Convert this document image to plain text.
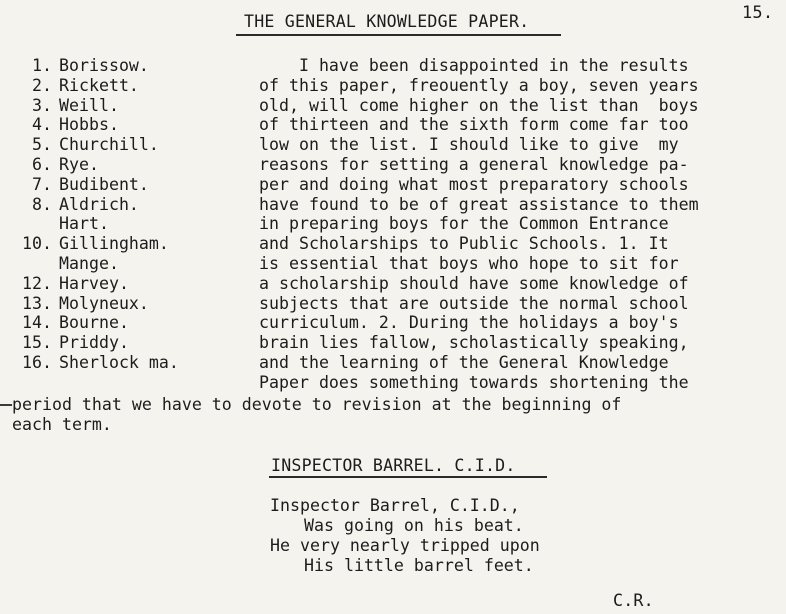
15.
THE GENERAL KNOWLEDGE PAPER.
1. Borissow.
2. Rickett.
3. Weill.
4. Hobbs.
5. Churchill.
6. Rye.
7. Budibent.
8. Aldrich.
Hart.
10. Gillingham.
Mange.
12. Harvey.
13. Molyneux.
14. Bourne.
15. Priddy.
16. Sherlock ma.
I have been disappointed in the results
of this paper, freouently a boy, seven years
old, will come higher on the list than  boys
of thirteen and the sixth form come far too
low on the list. I should like to give  my
reasons for setting a general knowledge pa-
per and doing what most preparatory schools
have found to be of great assistance to them
in preparing boys for the Common Entrance
and Scholarships to Public Schools. 1. It
is essential that boys who hope to sit for
a scholarship should have some knowledge of
subjects that are outside the normal school
curriculum. 2. During the holidays a boy's
brain lies fallow, scholastically speaking,
and the learning of the General Knowledge
Paper does something towards shortening the
period that we have to devote to revision at the beginning of
each term.
INSPECTOR BARREL. C.I.D.
Inspector Barrel, C.I.D.,
Was going on his beat.
He very nearly tripped upon
His little barrel feet.
C.R.
